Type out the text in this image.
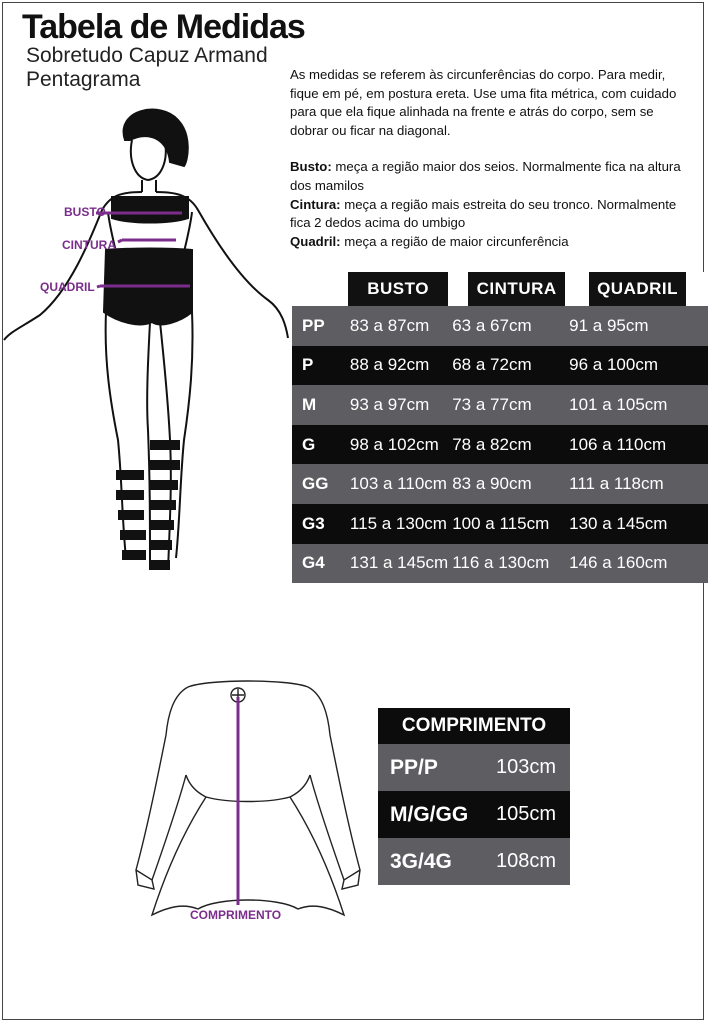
Tabela de Medidas
Sobretudo Capuz Armand Pentagrama	As medidas se referem às circunferências do corpo. Para medir, fique em pé, em postura ereta. Use uma fita métrica, com cuidado para que ela fique alinhada na frente e atrás do corpo, sem se dobrar ou ficar na diagonal.

Busto: meça a região maior dos seios. Normalmente fica na altura dos mamilos

Cintura: meça a região mais estreita do seu tronco. Normalmente fica 2 dedos acima do umbigo

Quadril: meça a região de maior circunferência

BUSTO
CINTURA
QUADRIL
			BUSTO		CINTURA		QUADRIL	
PP	83 a 87cm		63 a 67cm		91 a 95cm		
P	88 a 92cm		68 a 72cm		96 a 100cm		
M	93 a 97cm		73 a 77cm		101 a 105cm		
G	98 a 102cm		78 a 82cm		106 a 110cm		
GG	103 a 110cm		83 a 90cm		111 a 118cm		
G3	115 a 130cm		100 a 115cm		130 a 145cm		
G4	131 a 145cm		116 a 130cm		146 a 160cm		
COMPRIMENTO
COMPRIMENTO	
PP/P	103cm
M/G/GG	105cm
3G/4G	108cm
